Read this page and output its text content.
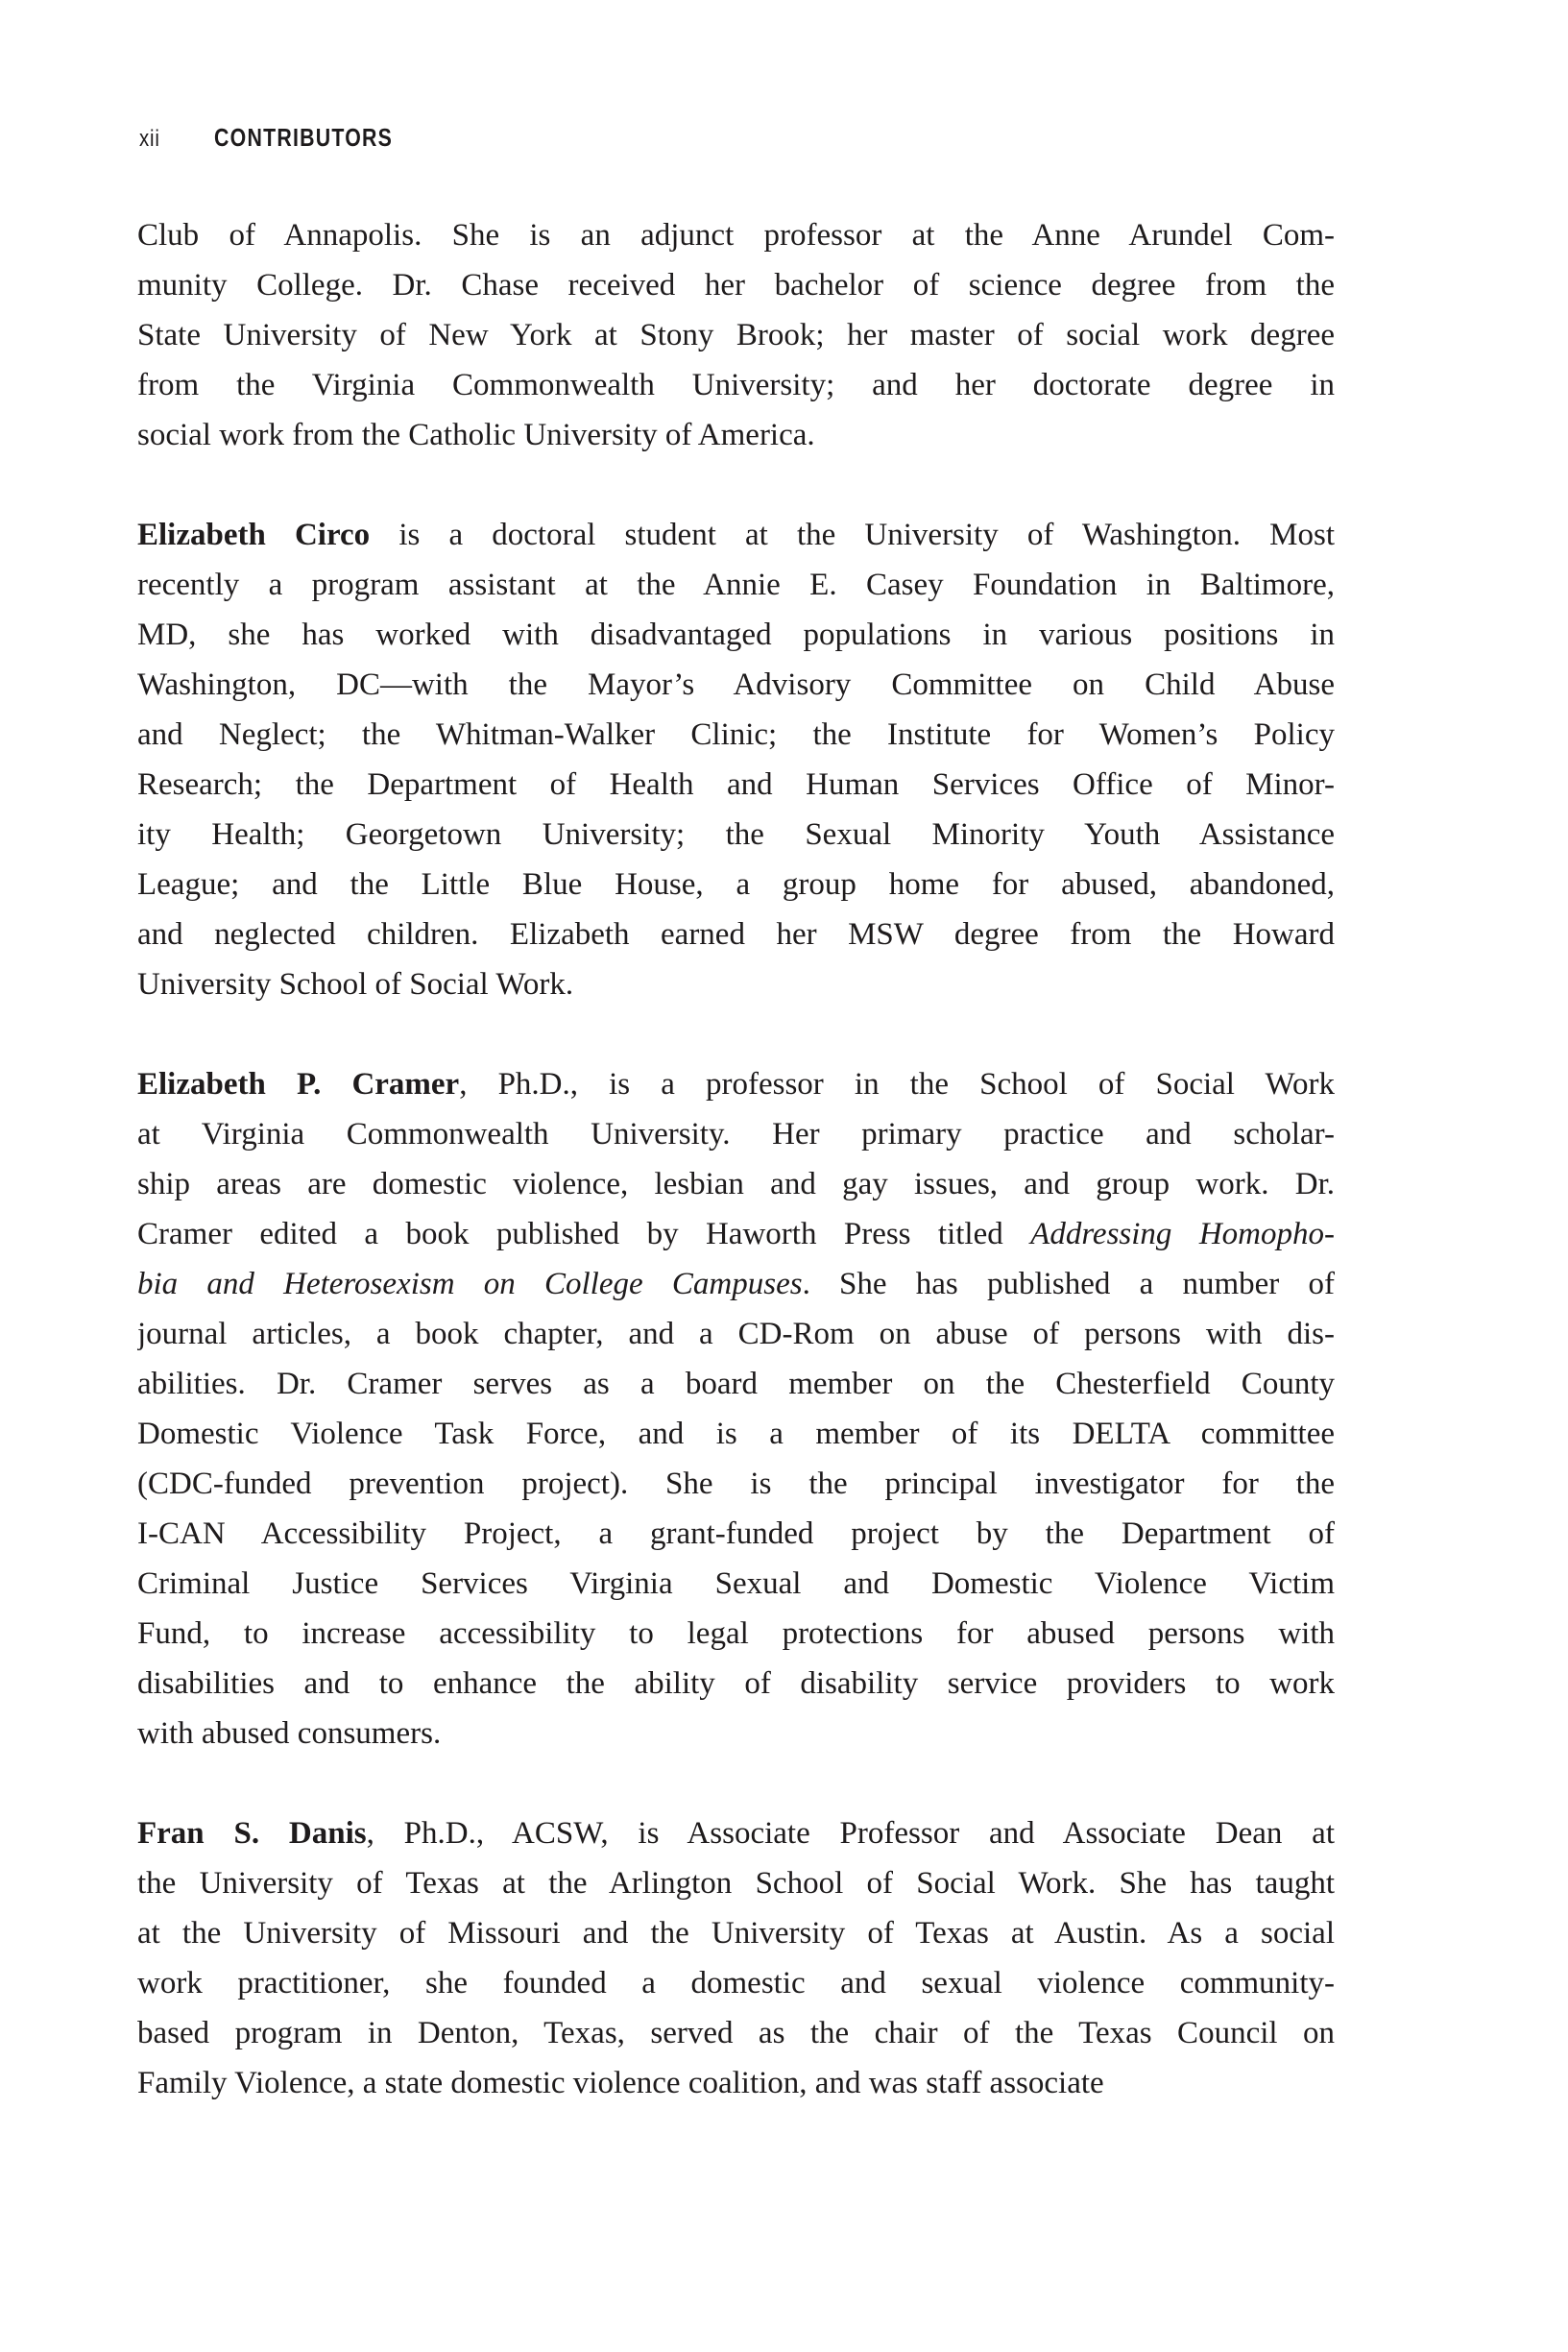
xii CONTRIBUTORS
Club of Annapolis. She is an adjunct professor at the Anne Arundel Com-
munity College. Dr. Chase received her bachelor of science degree from the
State University of New York at Stony Brook; her master of social work degree
from the Virginia Commonwealth University; and her doctorate degree in
social work from the Catholic University of America.
Elizabeth Circo is a doctoral student at the University of Washington. Most
recently a program assistant at the Annie E. Casey Foundation in Baltimore,
MD, she has worked with disadvantaged populations in various positions in
Washington, DC—with the Mayor’s Advisory Committee on Child Abuse
and Neglect; the Whitman-Walker Clinic; the Institute for Women’s Policy
Research; the Department of Health and Human Services Office of Minor-
ity Health; Georgetown University; the Sexual Minority Youth Assistance
League; and the Little Blue House, a group home for abused, abandoned,
and neglected children. Elizabeth earned her MSW degree from the Howard
University School of Social Work.
Elizabeth P. Cramer, Ph.D., is a professor in the School of Social Work
at Virginia Commonwealth University. Her primary practice and scholar-
ship areas are domestic violence, lesbian and gay issues, and group work. Dr.
Cramer edited a book published by Haworth Press titled Addressing Homopho-
bia and Heterosexism on College Campuses. She has published a number of
journal articles, a book chapter, and a CD-Rom on abuse of persons with dis-
abilities. Dr. Cramer serves as a board member on the Chesterfield County
Domestic Violence Task Force, and is a member of its DELTA committee
(CDC-funded prevention project). She is the principal investigator for the
I-CAN Accessibility Project, a grant-funded project by the Department of
Criminal Justice Services Virginia Sexual and Domestic Violence Victim
Fund, to increase accessibility to legal protections for abused persons with
disabilities and to enhance the ability of disability service providers to work
with abused consumers.
Fran S. Danis, Ph.D., ACSW, is Associate Professor and Associate Dean at
the University of Texas at the Arlington School of Social Work. She has taught
at the University of Missouri and the University of Texas at Austin. As a social
work practitioner, she founded a domestic and sexual violence community-
based program in Denton, Texas, served as the chair of the Texas Council on
Family Violence, a state domestic violence coalition, and was staff associate
